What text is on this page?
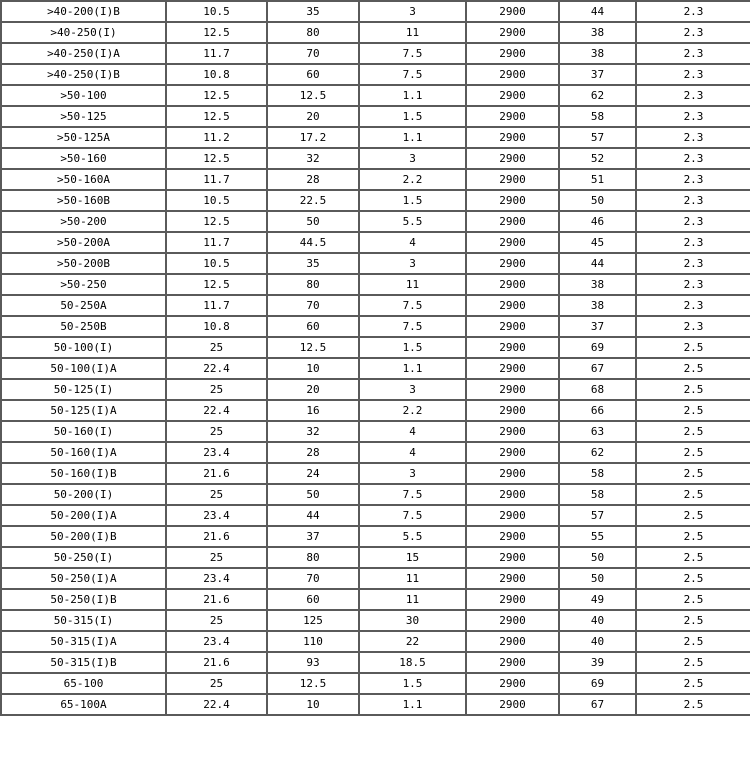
>40-200(I)B	10.5	35	3	2900	44	2.3
>40-250(I)	12.5	80	11	2900	38	2.3
>40-250(I)A	11.7	70	7.5	2900	38	2.3
>40-250(I)B	10.8	60	7.5	2900	37	2.3
>50-100	12.5	12.5	1.1	2900	62	2.3
>50-125	12.5	20	1.5	2900	58	2.3
>50-125A	11.2	17.2	1.1	2900	57	2.3
>50-160	12.5	32	3	2900	52	2.3
>50-160A	11.7	28	2.2	2900	51	2.3
>50-160B	10.5	22.5	1.5	2900	50	2.3
>50-200	12.5	50	5.5	2900	46	2.3
>50-200A	11.7	44.5	4	2900	45	2.3
>50-200B	10.5	35	3	2900	44	2.3
>50-250	12.5	80	11	2900	38	2.3
50-250A	11.7	70	7.5	2900	38	2.3
50-250B	10.8	60	7.5	2900	37	2.3
50-100(I)	25	12.5	1.5	2900	69	2.5
50-100(I)A	22.4	10	1.1	2900	67	2.5
50-125(I)	25	20	3	2900	68	2.5
50-125(I)A	22.4	16	2.2	2900	66	2.5
50-160(I)	25	32	4	2900	63	2.5
50-160(I)A	23.4	28	4	2900	62	2.5
50-160(I)B	21.6	24	3	2900	58	2.5
50-200(I)	25	50	7.5	2900	58	2.5
50-200(I)A	23.4	44	7.5	2900	57	2.5
50-200(I)B	21.6	37	5.5	2900	55	2.5
50-250(I)	25	80	15	2900	50	2.5
50-250(I)A	23.4	70	11	2900	50	2.5
50-250(I)B	21.6	60	11	2900	49	2.5
50-315(I)	25	125	30	2900	40	2.5
50-315(I)A	23.4	110	22	2900	40	2.5
50-315(I)B	21.6	93	18.5	2900	39	2.5
65-100	25	12.5	1.5	2900	69	2.5
65-100A	22.4	10	1.1	2900	67	2.5
